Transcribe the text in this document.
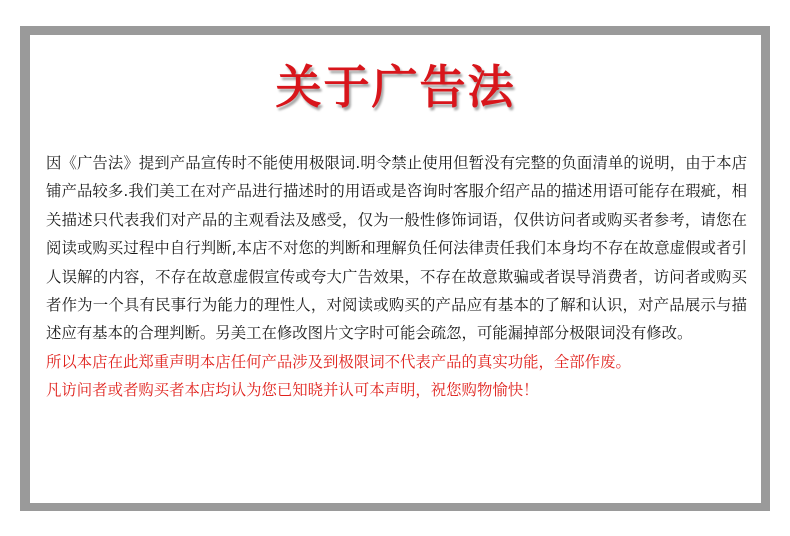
关于广告法

因《广告法》提到产品宣传时不能使用极限词.明令禁止使用但暂没有完整的负面清单的说明，由于本店铺产品较多.我们美工在对产品进行描述时的用语或是咨询时客服介绍产品的描述用语可能存在瑕疵，相关描述只代表我们对产品的主观看法及感受，仅为一般性修饰词语，仅供访问者或购买者参考，请您在阅读或购买过程中自行判断,本店不对您的判断和理解负任何法律责任我们本身均不存在故意虚假或者引人误解的内容，不存在故意虚假宣传或夸大广告效果，不存在故意欺骗或者误导消费者，访问者或购买者作为一个具有民事行为能力的理性人，对阅读或购买的产品应有基本的了解和认识，对产品展示与描述应有基本的合理判断。另美工在修改图片文字时可能会疏忽，可能漏掉部分极限词没有修改。

所以本店在此郑重声明本店任何产品涉及到极限词不代表产品的真实功能，全部作废。

凡访问者或者购买者本店均认为您已知晓并认可本声明，祝您购物愉快！

shop2657k858p192.1688.com
